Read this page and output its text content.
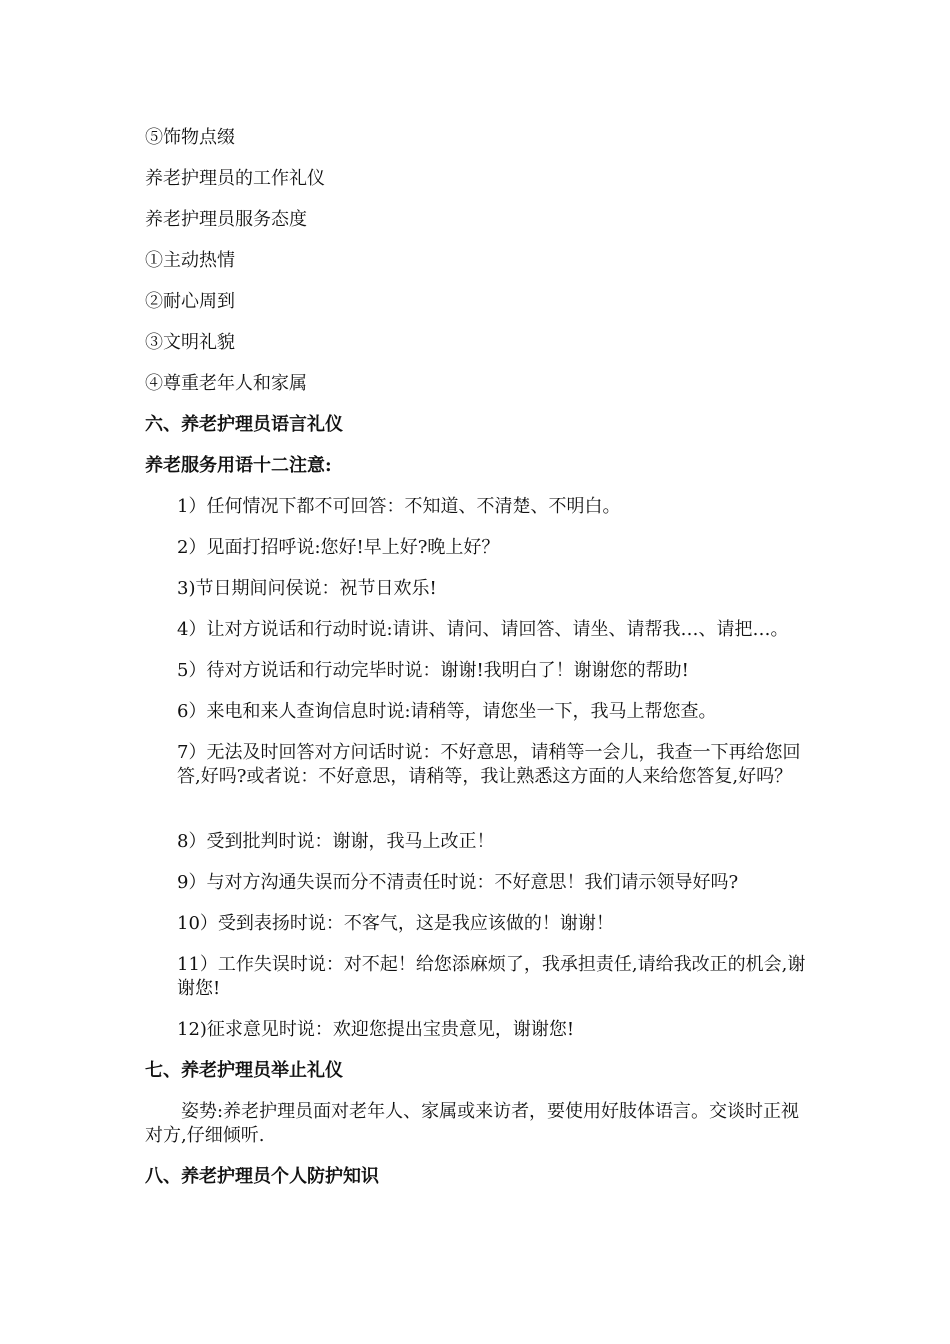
⑤饰物点缀
养老护理员的工作礼仪
养老护理员服务态度
①主动热情
②耐心周到
③文明礼貌
④尊重老年人和家属
六、养老护理员语言礼仪
养老服务用语十二注意:
1）任何情况下都不可回答：不知道、不清楚、不明白。
2）见面打招呼说:您好!早上好?晚上好？
3)节日期间问侯说：祝节日欢乐!
4）让对方说话和行动时说:请讲、请问、请回答、请坐、请帮我…、请把…。
5）待对方说话和行动完毕时说：谢谢!我明白了！谢谢您的帮助!
6）来电和来人查询信息时说:请稍等，请您坐一下，我马上帮您查。
7）无法及时回答对方问话时说：不好意思，请稍等一会儿，我查一下再给您回答,好吗?或者说：不好意思，请稍等，我让熟悉这方面的人来给您答复,好吗？
8）受到批判时说：谢谢，我马上改正！
9）与对方沟通失误而分不清责任时说：不好意思！我们请示领导好吗?
10）受到表扬时说：不客气，这是我应该做的！谢谢！
11）工作失误时说：对不起！给您添麻烦了，我承担责任,请给我改正的机会,谢谢您!
12)征求意见时说：欢迎您提出宝贵意见，谢谢您!
七、养老护理员举止礼仪
姿势:养老护理员面对老年人、家属或来访者，要使用好肢体语言。交谈时正视对方,仔细倾听.
八、养老护理员个人防护知识
